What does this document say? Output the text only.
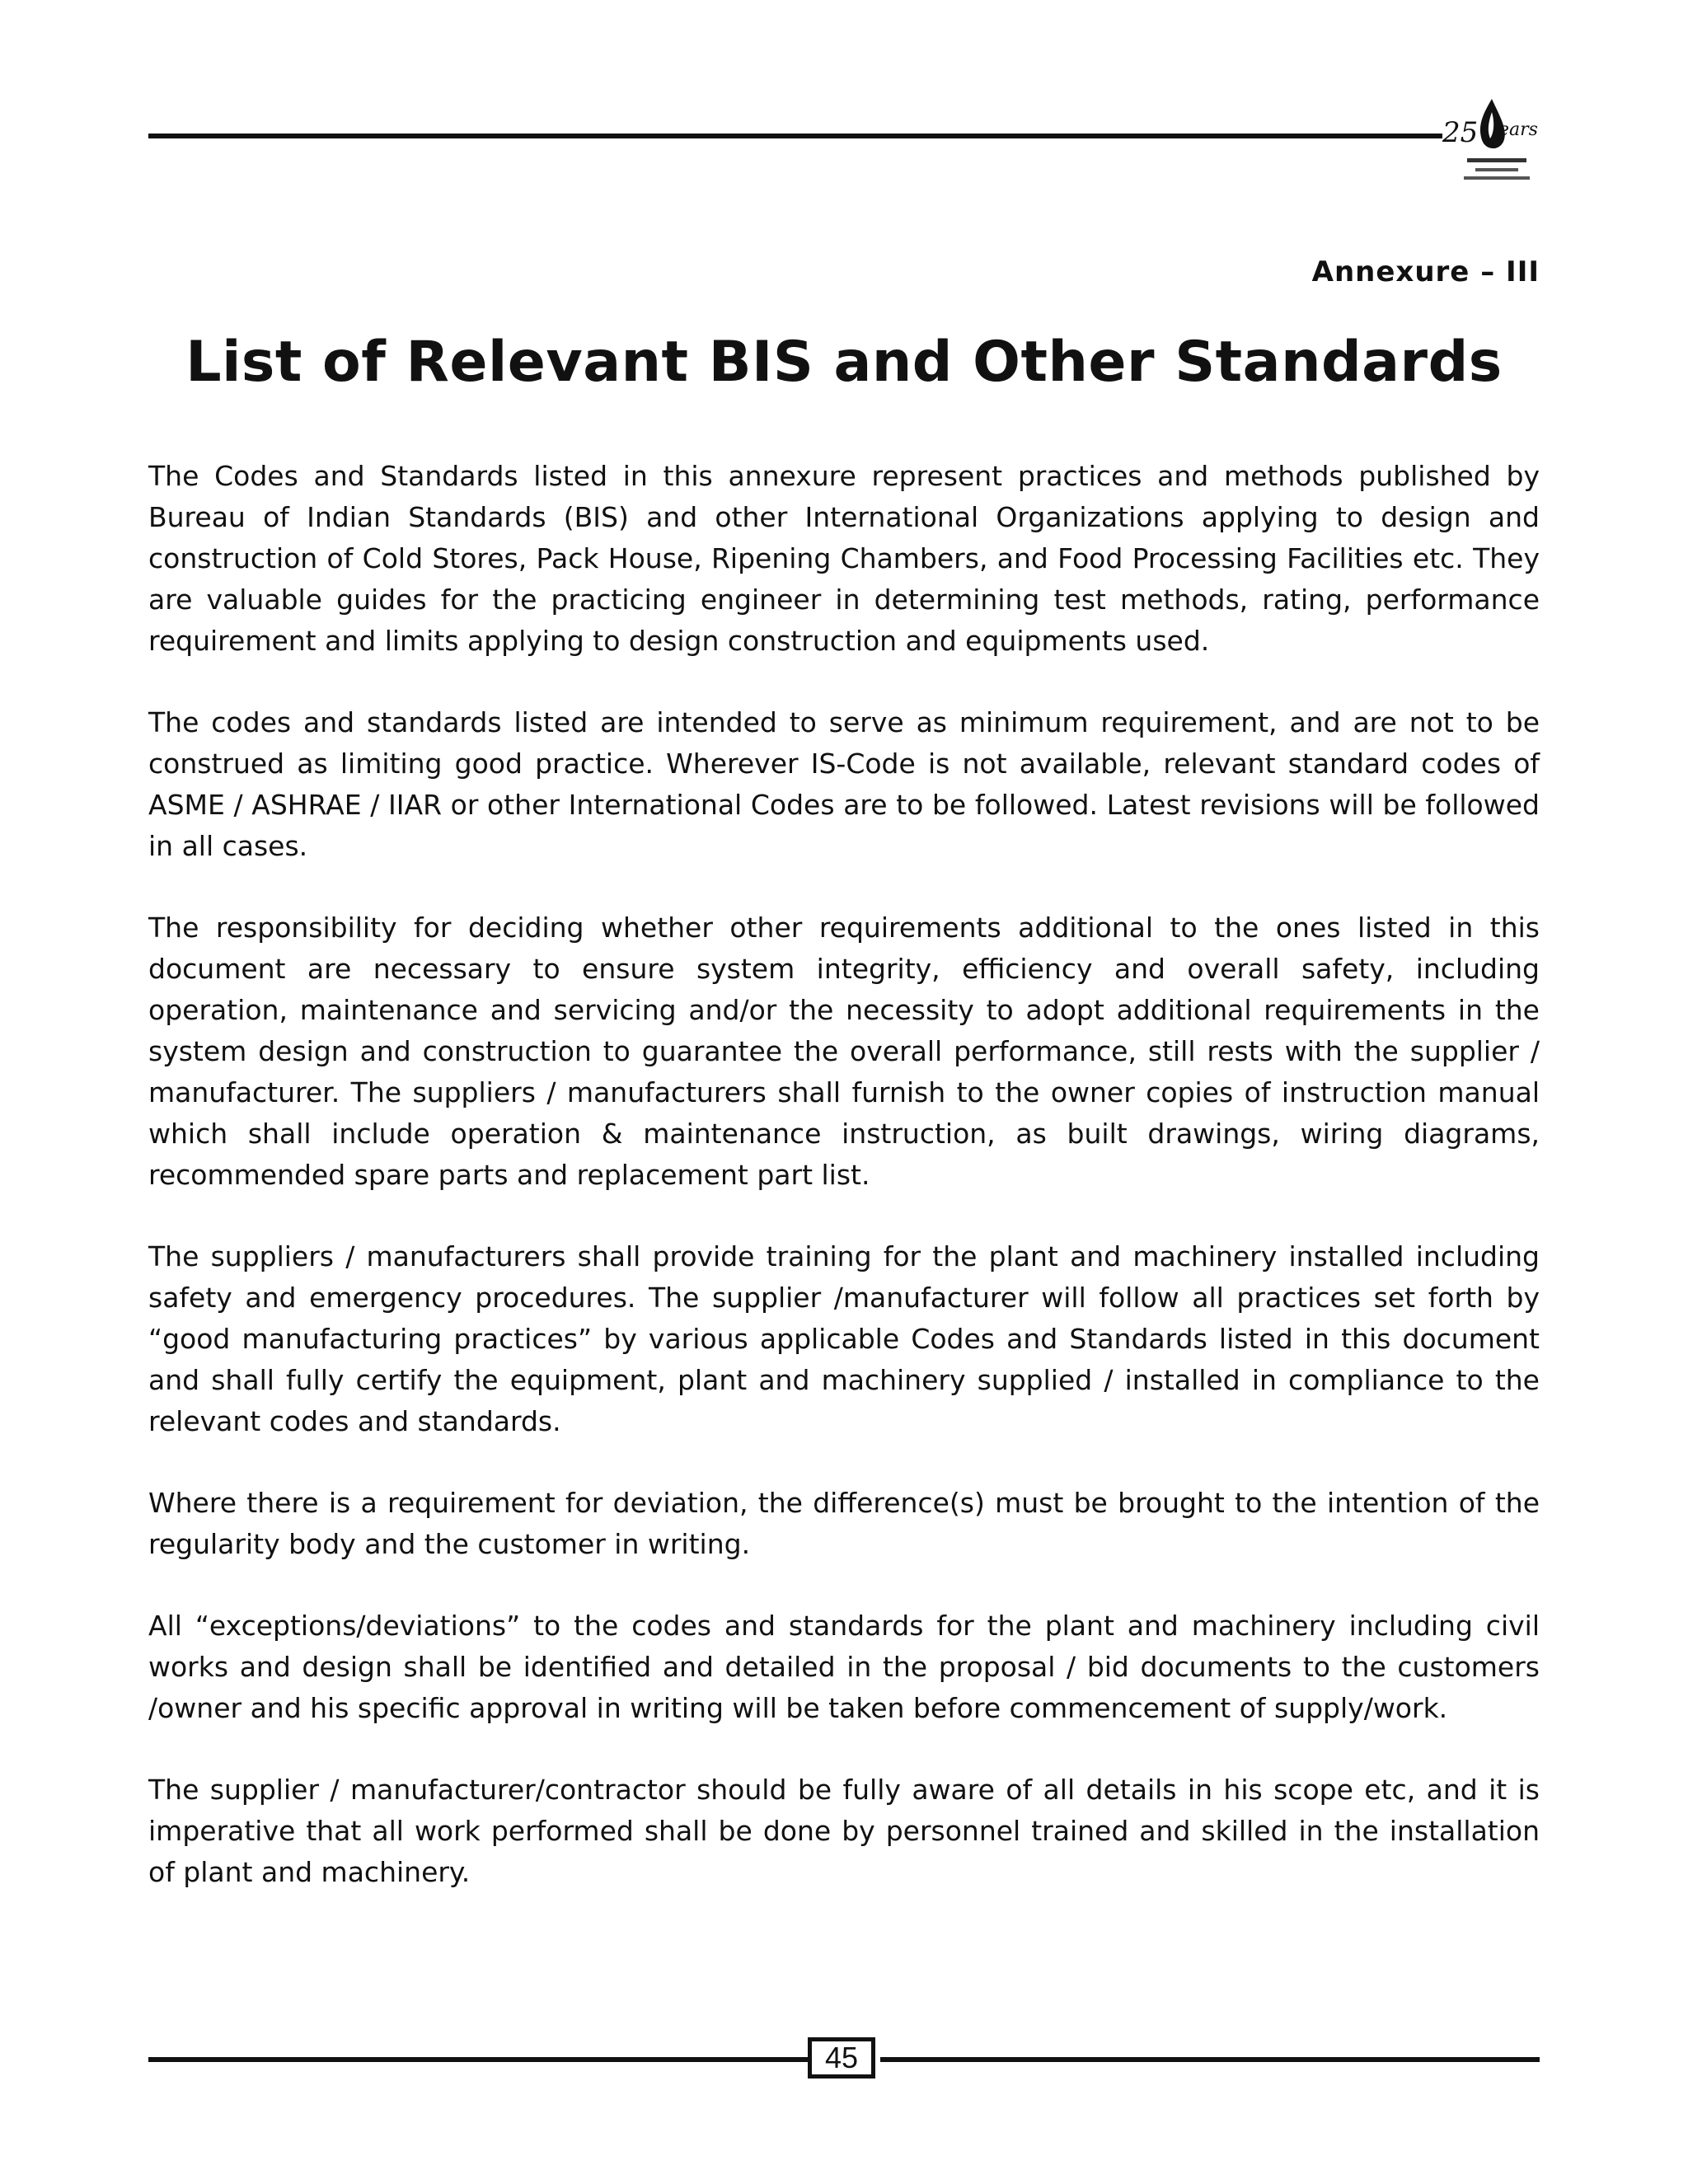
25 ears
Annexure – III
List of Relevant BIS and Other Standards

The Codes and Standards listed in this annexure represent practices and methods published by Bureau of Indian Standards (BIS) and other International Organizations applying to design and construction of Cold Stores, Pack House, Ripening Chambers, and Food Processing Facilities etc. They are valuable guides for the practicing engineer in determining test methods, rating, performance requirement and limits applying to design construction and equipments used.

The codes and standards listed are intended to serve as minimum requirement, and are not to be construed as limiting good practice. Wherever IS-Code is not available, relevant standard codes of ASME / ASHRAE / IIAR or other International Codes are to be followed. Latest revisions will be followed in all cases.

The responsibility for deciding whether other requirements additional to the ones listed in this document are necessary to ensure system integrity, efficiency and overall safety, including operation, maintenance and servicing and/or the necessity to adopt additional requirements in the system design and construction to guarantee the overall performance, still rests with the supplier / manufacturer. The suppliers / manufacturers shall furnish to the owner copies of instruction manual which shall include operation & maintenance instruction, as built drawings, wiring diagrams, recommended spare parts and replacement part list.

The suppliers / manufacturers shall provide training for the plant and machinery installed including safety and emergency procedures. The supplier /manufacturer will follow all practices set forth by “good manufacturing practices” by various applicable Codes and Standards listed in this document and shall fully certify the equipment, plant and machinery supplied / installed in compliance to the relevant codes and standards.

Where there is a requirement for deviation, the difference(s) must be brought to the intention of the regularity body and the customer in writing.

All “exceptions/deviations” to the codes and standards for the plant and machinery including civil works and design shall be identified and detailed in the proposal / bid documents to the customers /owner and his specific approval in writing will be taken before commencement of supply/work.

The supplier / manufacturer/contractor should be fully aware of all details in his scope etc, and it is imperative that all work performed shall be done by personnel trained and skilled in the installation of plant and machinery.

45
